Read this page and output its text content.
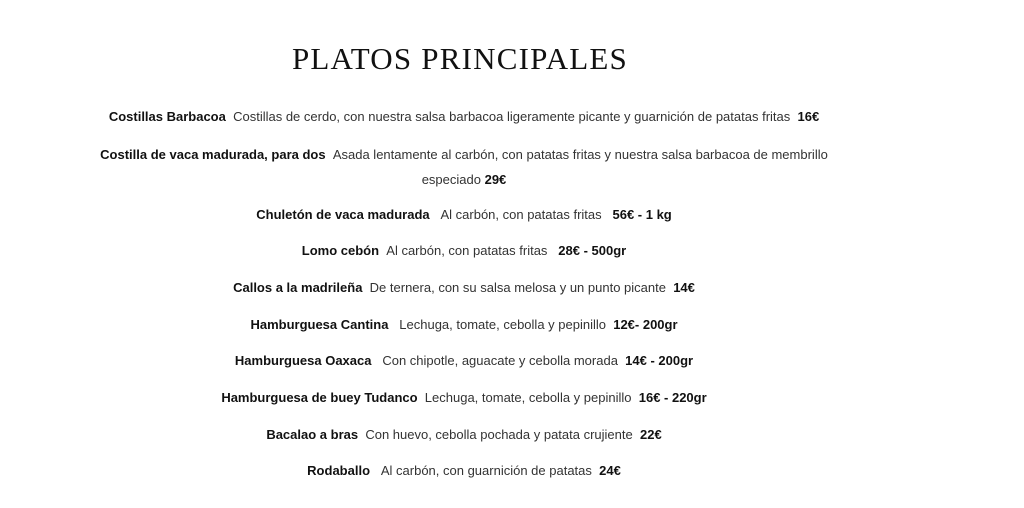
PLATOS PRINCIPALES
Costillas Barbacoa Costillas de cerdo, con nuestra salsa barbacoa ligeramente picante y guarnición de patatas fritas 16€
Costilla de vaca madurada, para dos Asada lentamente al carbón, con patatas fritas y nuestra salsa barbacoa de membrillo especiado 29€
Chuletón de vaca madurada Al carbón, con patatas fritas 56€ - 1 kg
Lomo cebón Al carbón, con patatas fritas 28€ - 500gr
Callos a la madrileña De ternera, con su salsa melosa y un punto picante 14€
Hamburguesa Cantina Lechuga, tomate, cebolla y pepinillo 12€- 200gr
Hamburguesa Oaxaca Con chipotle, aguacate y cebolla morada 14€ - 200gr
Hamburguesa de buey Tudanco Lechuga, tomate, cebolla y pepinillo 16€ - 220gr
Bacalao a bras Con huevo, cebolla pochada y patata crujiente 22€
Rodaballo Al carbón, con guarnición de patatas 24€
